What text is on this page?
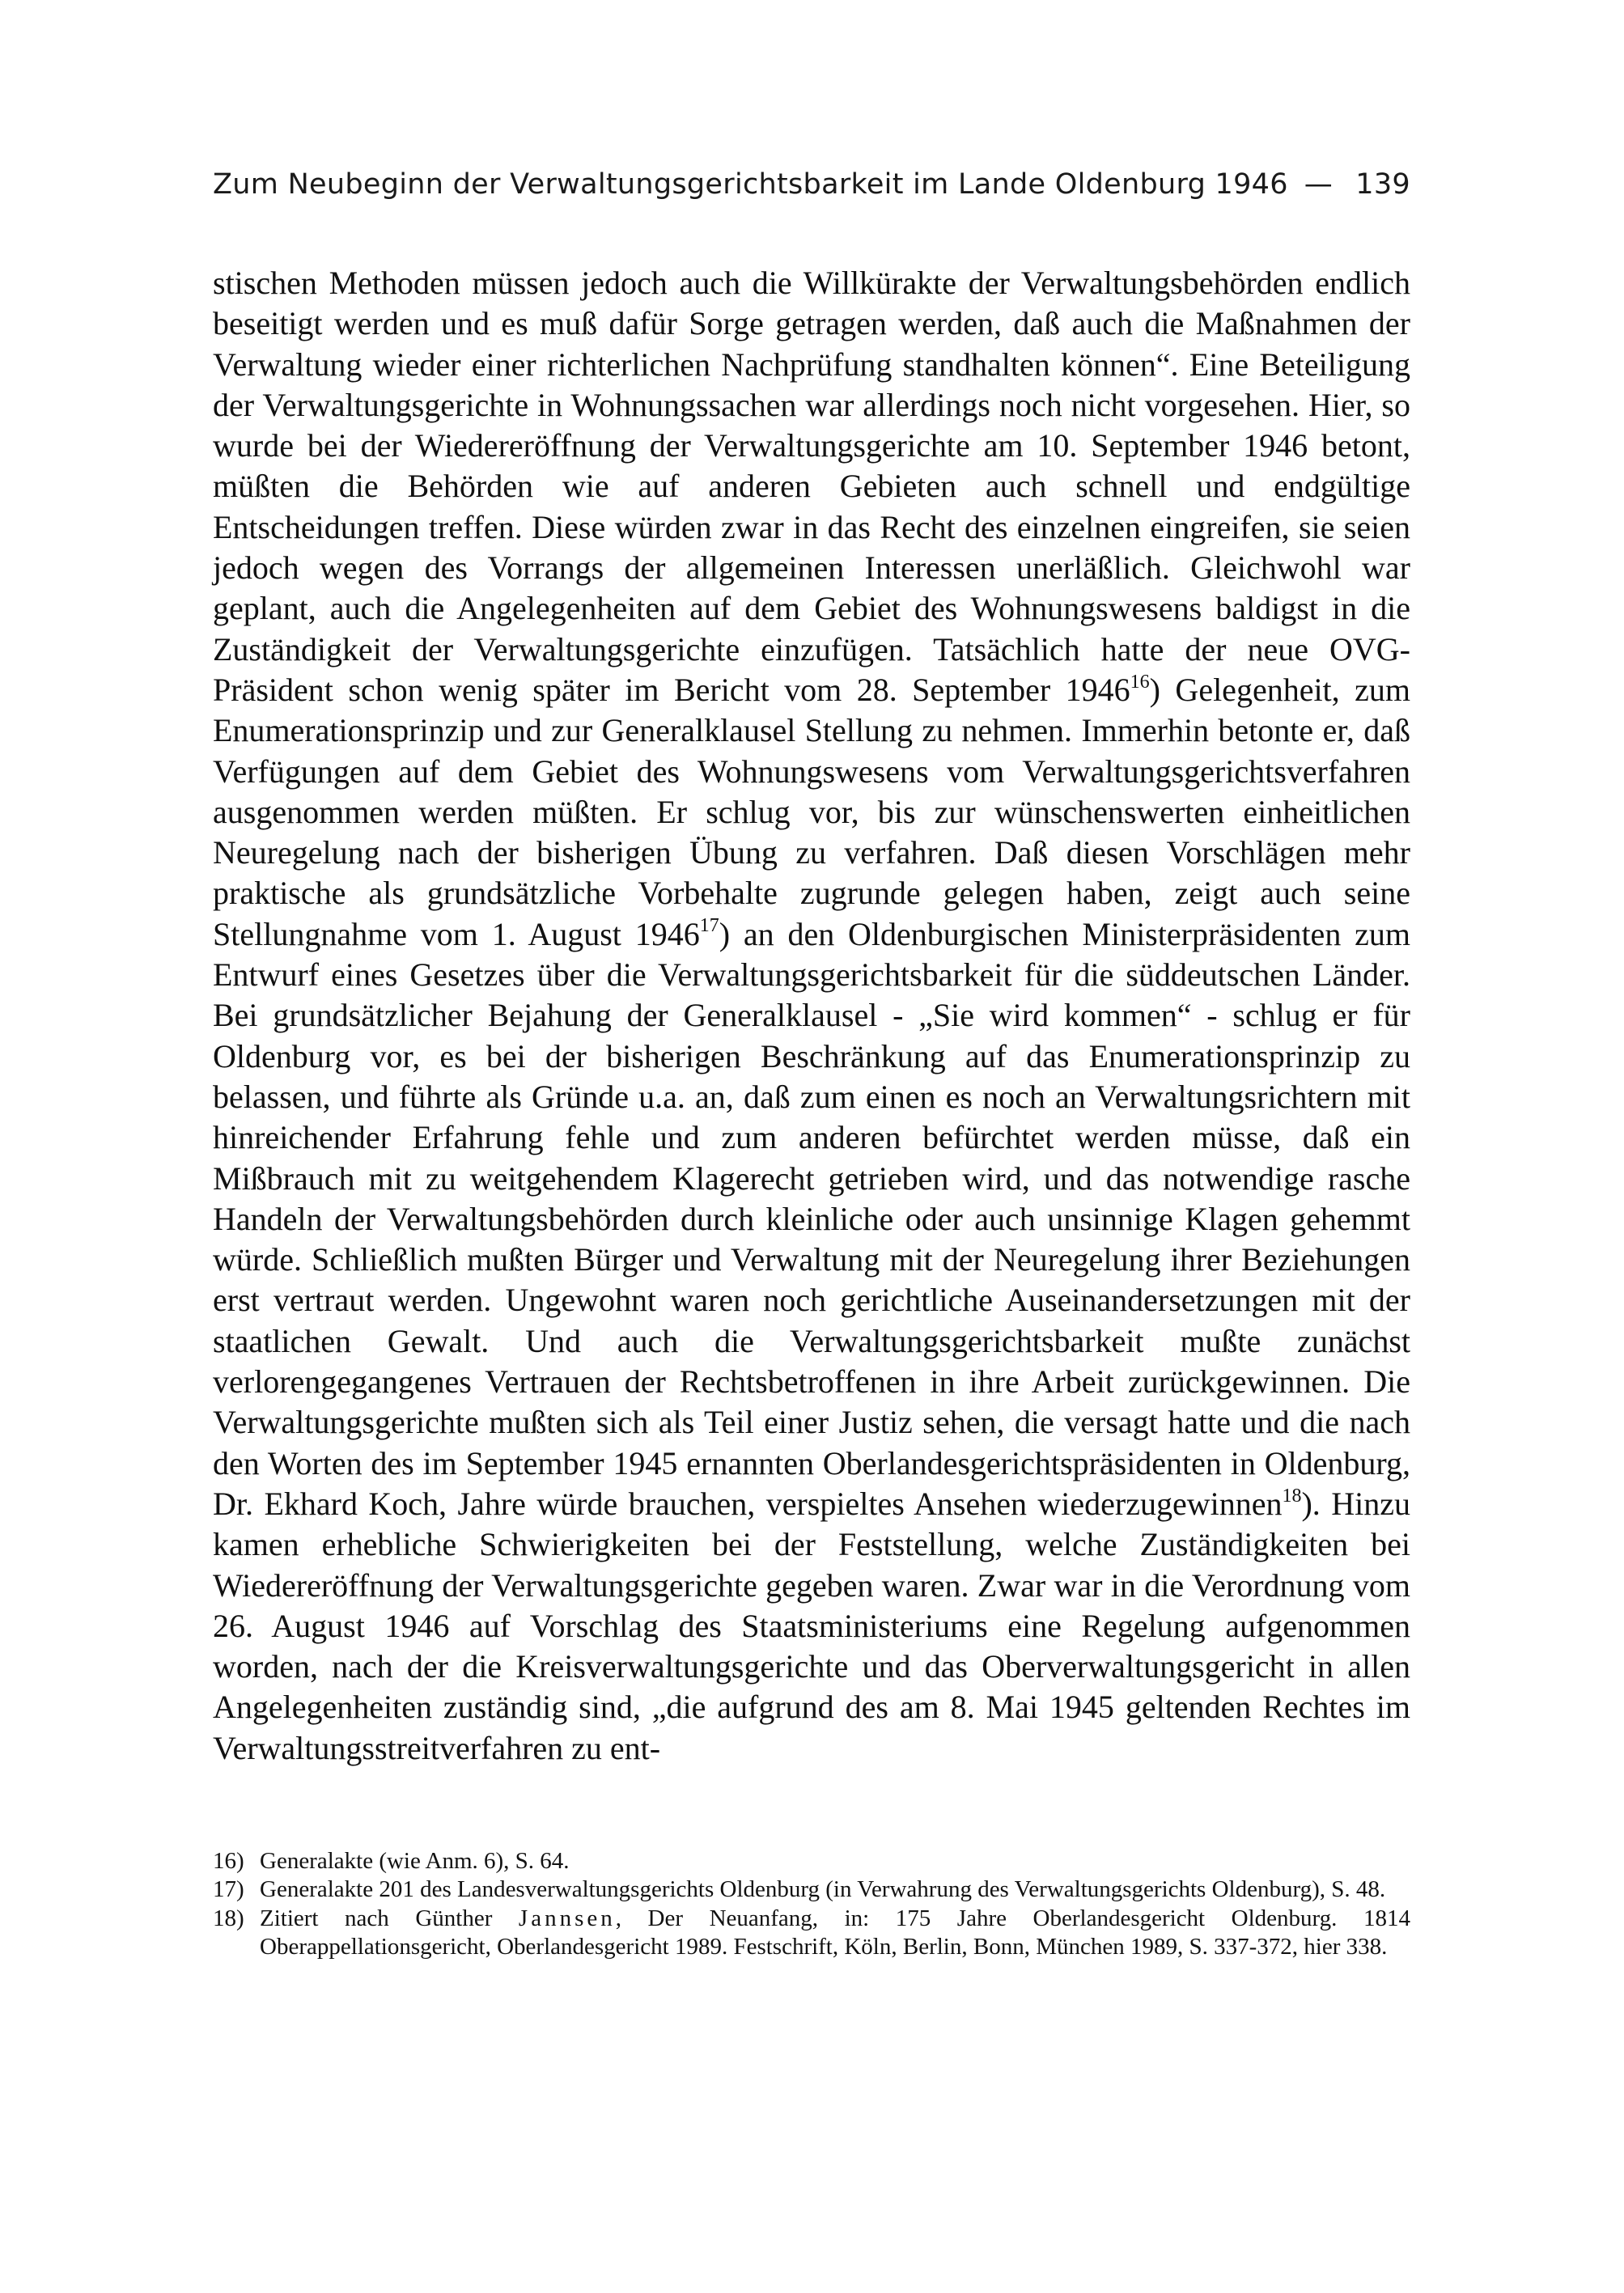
Zum Neubeginn der Verwaltungsgerichtsbarkeit im Lande Oldenburg 1946 — 139

stischen Methoden müssen jedoch auch die Willkürakte der Verwaltungsbehörden endlich beseitigt werden und es muß dafür Sorge getragen werden, daß auch die Maßnahmen der Verwaltung wieder einer richterlichen Nachprüfung standhalten können“. Eine Beteiligung der Verwaltungsgerichte in Wohnungssachen war allerdings noch nicht vorgesehen. Hier, so wurde bei der Wiedereröffnung der Verwaltungsgerichte am 10. September 1946 betont, müßten die Behörden wie auf anderen Gebieten auch schnell und endgültige Entscheidungen treffen. Diese würden zwar in das Recht des einzelnen eingreifen, sie seien jedoch wegen des Vorrangs der allgemeinen Interessen unerläßlich. Gleichwohl war geplant, auch die Angelegenheiten auf dem Gebiet des Wohnungswesens baldigst in die Zuständigkeit der Verwaltungsgerichte einzufügen. Tatsächlich hatte der neue OVG-Präsident schon wenig später im Bericht vom 28. September 1946$^{16}$) Gelegenheit, zum Enumerationsprinzip und zur Generalklausel Stellung zu nehmen. Immerhin betonte er, daß Verfügungen auf dem Gebiet des Wohnungswesens vom Verwaltungsgerichtsverfahren ausgenommen werden müßten. Er schlug vor, bis zur wünschenswerten einheitlichen Neuregelung nach der bisherigen Übung zu verfahren. Daß diesen Vorschlägen mehr praktische als grundsätzliche Vorbehalte zugrunde gelegen haben, zeigt auch seine Stellungnahme vom 1. August 1946$^{17}$) an den Oldenburgischen Ministerpräsidenten zum Entwurf eines Gesetzes über die Verwaltungsgerichtsbarkeit für die süddeutschen Länder. Bei grundsätzlicher Bejahung der Generalklausel - „Sie wird kommen“ - schlug er für Oldenburg vor, es bei der bisherigen Beschränkung auf das Enumerationsprinzip zu belassen, und führte als Gründe u.a. an, daß zum einen es noch an Verwaltungsrichtern mit hinreichender Erfahrung fehle und zum anderen befürchtet werden müsse, daß ein Mißbrauch mit zu weitgehendem Klagerecht getrieben wird, und das notwendige rasche Handeln der Verwaltungsbehörden durch kleinliche oder auch unsinnige Klagen gehemmt würde. Schließlich mußten Bürger und Verwaltung mit der Neuregelung ihrer Beziehungen erst vertraut werden. Ungewohnt waren noch gerichtliche Auseinandersetzungen mit der staatlichen Gewalt. Und auch die Verwaltungsgerichtsbarkeit mußte zunächst verlorengegangenes Vertrauen der Rechtsbetroffenen in ihre Arbeit zurückgewinnen. Die Verwaltungsgerichte mußten sich als Teil einer Justiz sehen, die versagt hatte und die nach den Worten des im September 1945 ernannten Oberlandesgerichtspräsidenten in Oldenburg, Dr. Ekhard Koch, Jahre würde brauchen, verspieltes Ansehen wiederzugewinnen$^{18}$). Hinzu kamen erhebliche Schwierigkeiten bei der Feststellung, welche Zuständigkeiten bei Wiedereröffnung der Verwaltungsgerichte gegeben waren. Zwar war in die Verordnung vom 26. August 1946 auf Vorschlag des Staatsministeriums eine Regelung aufgenommen worden, nach der die Kreisverwaltungsgerichte und das Oberverwaltungsgericht in allen Angelegenheiten zuständig sind, „die aufgrund des am 8. Mai 1945 geltenden Rechtes im Verwaltungsstreitverfahren zu ent-

16) Generalakte (wie Anm. 6), S. 64.
17) Generalakte 201 des Landesverwaltungsgerichts Oldenburg (in Verwahrung des Verwaltungsgerichts Oldenburg), S. 48.
18) Zitiert nach Günther Jannsen, Der Neuanfang, in: 175 Jahre Oberlandesgericht Oldenburg. 1814 Oberappellationsgericht, Oberlandesgericht 1989. Festschrift, Köln, Berlin, Bonn, München 1989, S. 337-372, hier 338.
